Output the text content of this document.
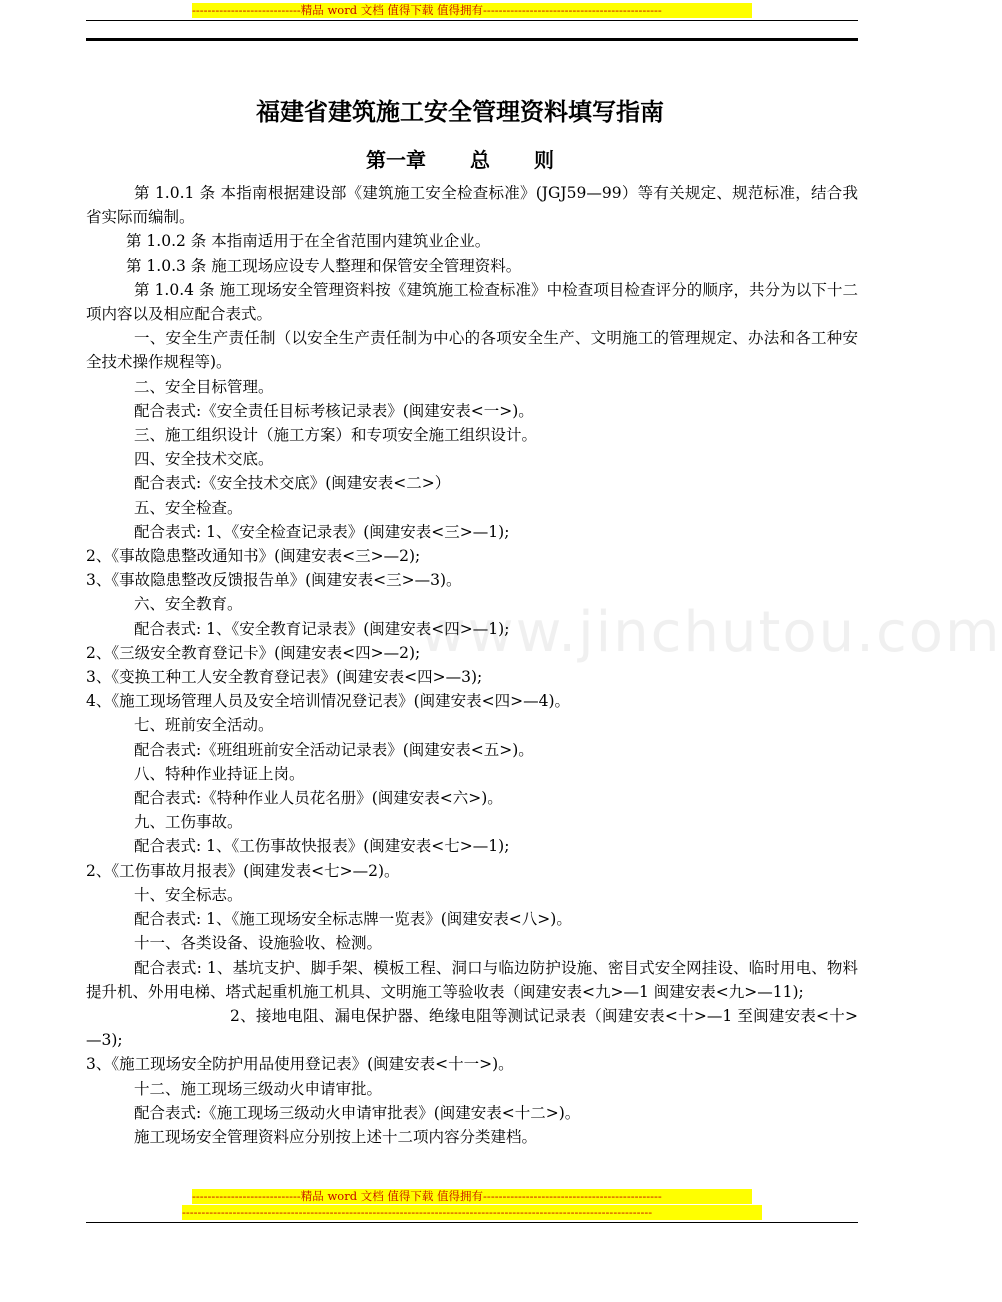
----------------------------精品 word 文档 值得下载 值得拥有----------------------------------------------
www.jinchutou.com
福建省建筑施工安全管理资料填写指南
第一章 总 则

第 1.0.1 条 本指南根据建设部《建筑施工安全检查标准》(JGJ59—99）等有关规定、规范标准，结合我省实际而编制。

第 1.0.2 条 本指南适用于在全省范围内建筑业企业。

第 1.0.3 条 施工现场应设专人整理和保管安全管理资料。

第 1.0.4 条 施工现场安全管理资料按《建筑施工检查标准》中检查项目检查评分的顺序，共分为以下十二项内容以及相应配合表式。

一、安全生产责任制（以安全生产责任制为中心的各项安全生产、文明施工的管理规定、办法和各工种安全技术操作规程等)。

二、安全目标管理。

配合表式:《安全责任目标考核记录表》(闽建安表<一>)。

三、施工组织设计（施工方案）和专项安全施工组织设计。

四、安全技术交底。

配合表式:《安全技术交底》(闽建安表<二>）

五、安全检查。

配合表式: 1、《安全检查记录表》(闽建安表<三>—1);

2、《事故隐患整改通知书》(闽建安表<三>—2);

3、《事故隐患整改反馈报告单》(闽建安表<三>—3)。

六、安全教育。

配合表式: 1、《安全教育记录表》(闽建安表<四>—1);

2、《三级安全教育登记卡》(闽建安表<四>—2);

3、《变换工种工人安全教育登记表》(闽建安表<四>—3);

4、《施工现场管理人员及安全培训情况登记表》(闽建安表<四>—4)。

七、班前安全活动。

配合表式:《班组班前安全活动记录表》(闽建安表<五>)。

八、特种作业持证上岗。

配合表式:《特种作业人员花名册》(闽建安表<六>)。

九、工伤事故。

配合表式: 1、《工伤事故快报表》(闽建安表<七>—1);

2、《工伤事故月报表》(闽建发表<七>—2)。

十、安全标志。

配合表式: 1、《施工现场安全标志牌一览表》(闽建安表<八>)。

十一、各类设备、设施验收、检测。

配合表式: 1、基坑支护、脚手架、模板工程、洞口与临边防护设施、密目式安全网挂设、临时用电、物料提升机、外用电梯、塔式起重机施工机具、文明施工等验收表（闽建安表<九>—1 闽建安表<九>—11);

2、接地电阻、漏电保护器、绝缘电阻等测试记录表（闽建安表<十>—1 至闽建安表<十>—3);

3、《施工现场安全防护用品使用登记表》(闽建安表<十一>)。

十二、施工现场三级动火申请审批。

配合表式:《施工现场三级动火申请审批表》(闽建安表<十二>)。

施工现场安全管理资料应分别按上述十二项内容分类建档。

----------------------------精品 word 文档 值得下载 值得拥有----------------------------------------------
-------------------------------------------------------------------------------------------------------------------------
